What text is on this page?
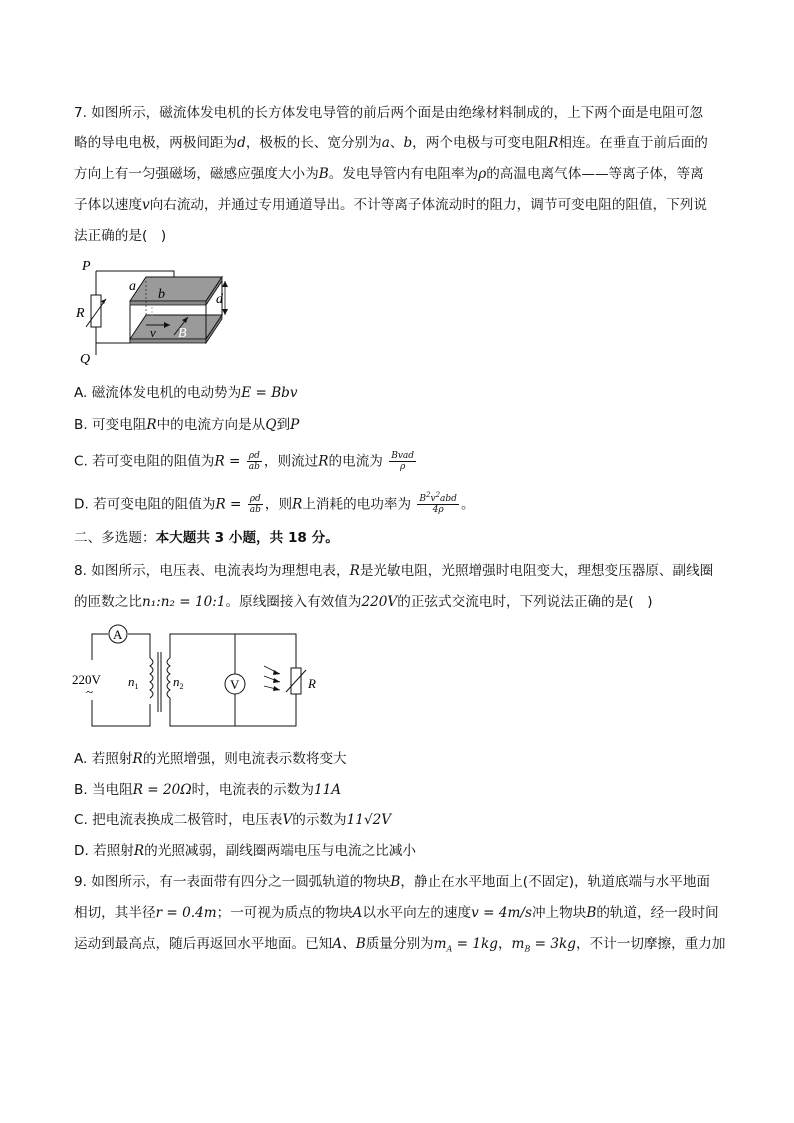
7. 如图所示，磁流体发电机的长方体发电导管的前后两个面是由绝缘材料制成的，上下两个面是电阻可忽
略的导电电极，两极间距为d，极板的长、宽分别为a、b，两个电极与可变电阻R相连。在垂直于前后面的
方向上有一匀强磁场，磁感应强度大小为B。发电导管内有电阻率为ρ的高温电离气体——等离子体，等离
子体以速度v向右流动，并通过专用通道导出。不计等离子体流动时的阻力，调节可变电阻的阻值，下列说
法正确的是(　)
P
R
Q
a
b	d
v B
A. 磁流体发电机的电动势为E = Bbv
B. 可变电阻R中的电流方向是从Q到P
C. 若可变电阻的阻值为$R = \frac{\rho d}{ab}$ ，则流过R的电流为 $\frac{\text{Bvad}}{\rho}$
D. 若可变电阻的阻值为$R = \frac{\rho d}{ab}$ ，则R上消耗的电功率为 $\frac{B^2v^2abd}{4\rho}$ 。
二、多选题：本大题共 3 小题，共 18 分。
8. 如图所示，电压表、电流表均为理想电表，R是光敏电阻，光照增强时电阻变大，理想变压器原、副线圈
的匝数之比n₁:n₂ = 10:1。原线圈接入有效值为220V的正弦式交流电时，下列说法正确的是(　)
A
V
220V
~
$n_1$	$n_2$	R
A. 若照射R的光照增强，则电流表示数将变大
B. 当电阻R = 20Ω时，电流表的示数为11A
C. 把电流表换成二极管时，电压表V的示数为11√2V
D. 若照射R的光照减弱，副线圈两端电压与电流之比减小
9. 如图所示，有一表面带有四分之一圆弧轨道的物块B，静止在水平地面上(不固定)，轨道底端与水平地面
相切，其半径r = 0.4m；一可视为质点的物块A以水平向左的速度v = 4m/s冲上物块B的轨道，经一段时间
运动到最高点，随后再返回水平地面。已知A、B质量分别为$m_A = 1kg$，$m_B = 3kg$，不计一切摩擦，重力加
